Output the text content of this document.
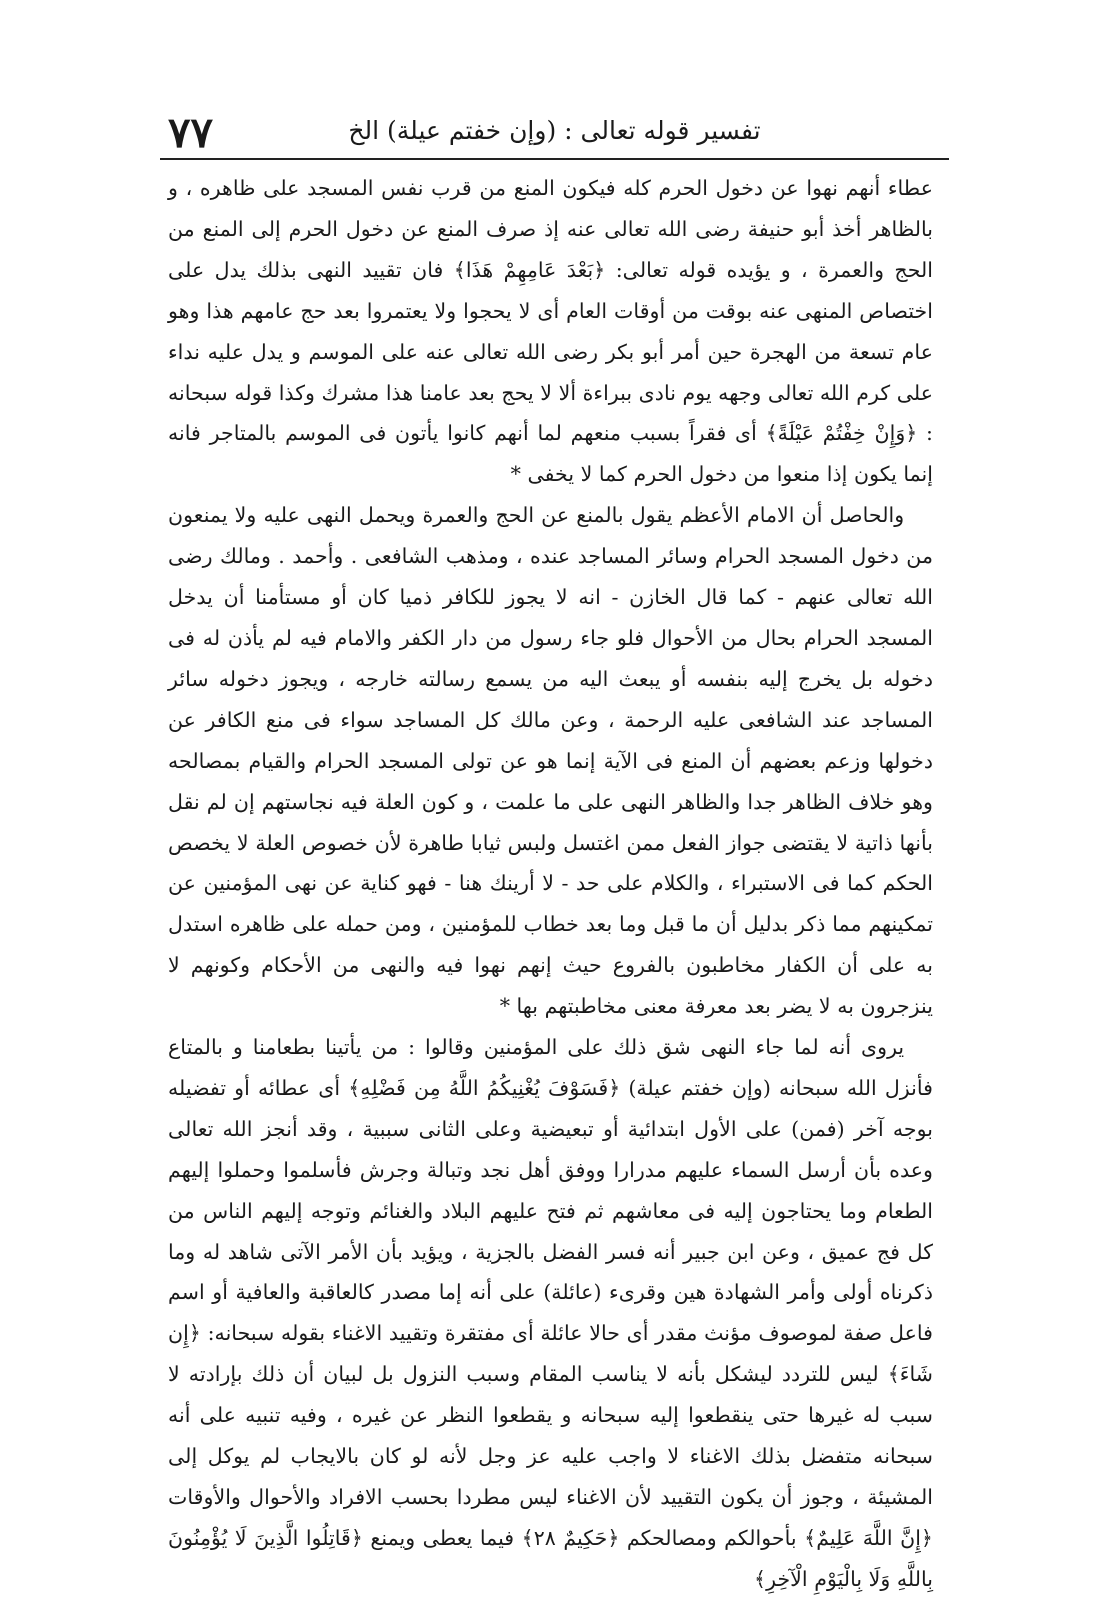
٧٧	تفسير قوله تعالى : (وإن خفتم عيلة) الخ

عطاء أنهم نهوا عن دخول الحرم كله فيكون المنع من قرب نفس المسجد على ظاهره ، و بالظاهر أخذ أبو حنيفة رضى الله تعالى عنه إذ صرف المنع عن دخول الحرم إلى المنع من الحج والعمرة ، و يؤيده قوله تعالى: ﴿بَعْدَ عَامِهِمْ هَذَا﴾ فان تقييد النهى بذلك يدل على اختصاص المنهى عنه بوقت من أوقات العام أى لا يحجوا ولا يعتمروا بعد حج عامهم هذا وهو عام تسعة من الهجرة حين أمر أبو بكر رضى الله تعالى عنه على الموسم و يدل عليه نداء على كرم الله تعالى وجهه يوم نادى ببراءة ألا لا يحج بعد عامنا هذا مشرك وكذا قوله سبحانه : ﴿وَإِنْ خِفْتُمْ عَيْلَةً﴾ أى فقراً بسبب منعهم لما أنهم كانوا يأتون فى الموسم بالمتاجر فانه إنما يكون إذا منعوا من دخول الحرم كما لا يخفى *

والحاصل أن الامام الأعظم يقول بالمنع عن الحج والعمرة ويحمل النهى عليه ولا يمنعون من دخول المسجد الحرام وسائر المساجد عنده ، ومذهب الشافعى . وأحمد . ومالك رضى الله تعالى عنهم - كما قال الخازن - انه لا يجوز للكافر ذميا كان أو مستأمنا أن يدخل المسجد الحرام بحال من الأحوال فلو جاء رسول من دار الكفر والامام فيه لم يأذن له فى دخوله بل يخرج إليه بنفسه أو يبعث اليه من يسمع رسالته خارجه ، ويجوز دخوله سائر المساجد عند الشافعى عليه الرحمة ، وعن مالك كل المساجد سواء فى منع الكافر عن دخولها وزعم بعضهم أن المنع فى الآية إنما هو عن تولى المسجد الحرام والقيام بمصالحه وهو خلاف الظاهر جدا والظاهر النهى على ما علمت ، و كون العلة فيه نجاستهم إن لم نقل بأنها ذاتية لا يقتضى جواز الفعل ممن اغتسل ولبس ثيابا طاهرة لأن خصوص العلة لا يخصص الحكم كما فى الاستبراء ، والكلام على حد - لا أرينك هنا - فهو كناية عن نهى المؤمنين عن تمكينهم مما ذكر بدليل أن ما قبل وما بعد خطاب للمؤمنين ، ومن حمله على ظاهره استدل به على أن الكفار مخاطبون بالفروع حيث إنهم نهوا فيه والنهى من الأحكام وكونهم لا ينزجرون به لا يضر بعد معرفة معنى مخاطبتهم بها *

يروى أنه لما جاء النهى شق ذلك على المؤمنين وقالوا : من يأتينا بطعامنا و بالمتاع فأنزل الله سبحانه (وإن خفتم عيلة) ﴿فَسَوْفَ يُغْنِيكُمُ اللَّهُ مِن فَضْلِهِ﴾ أى عطائه أو تفضيله بوجه آخر (فمن) على الأول ابتدائية أو تبعيضية وعلى الثانى سببية ، وقد أنجز الله تعالى وعده بأن أرسل السماء عليهم مدرارا ووفق أهل نجد وتبالة وجرش فأسلموا وحملوا إليهم الطعام وما يحتاجون إليه فى معاشهم ثم فتح عليهم البلاد والغنائم وتوجه إليهم الناس من كل فج عميق ، وعن ابن جبير أنه فسر الفضل بالجزية ، ويؤيد بأن الأمر الآتى شاهد له وما ذكرناه أولى وأمر الشهادة هين وقرىء (عائلة) على أنه إما مصدر كالعاقبة والعافية أو اسم فاعل صفة لموصوف مؤنث مقدر أى حالا عائلة أى مفتقرة وتقييد الاغناء بقوله سبحانه: ﴿إِن شَاءَ﴾ ليس للتردد ليشكل بأنه لا يناسب المقام وسبب النزول بل لبيان أن ذلك بإرادته لا سبب له غيرها حتى ينقطعوا إليه سبحانه و يقطعوا النظر عن غيره ، وفيه تنبيه على أنه سبحانه متفضل بذلك الاغناء لا واجب عليه عز وجل لأنه لو كان بالايجاب لم يوكل إلى المشيئة ، وجوز أن يكون التقييد لأن الاغناء ليس مطردا بحسب الافراد والأحوال والأوقات ﴿إِنَّ اللَّهَ عَلِيمٌ﴾ بأحوالكم ومصالحكم ﴿حَكِيمٌ ٢٨﴾ فيما يعطى ويمنع ﴿قَاتِلُوا الَّذِينَ لَا يُؤْمِنُونَ بِاللَّهِ وَلَا بِالْيَوْمِ الْآخِرِ﴾
